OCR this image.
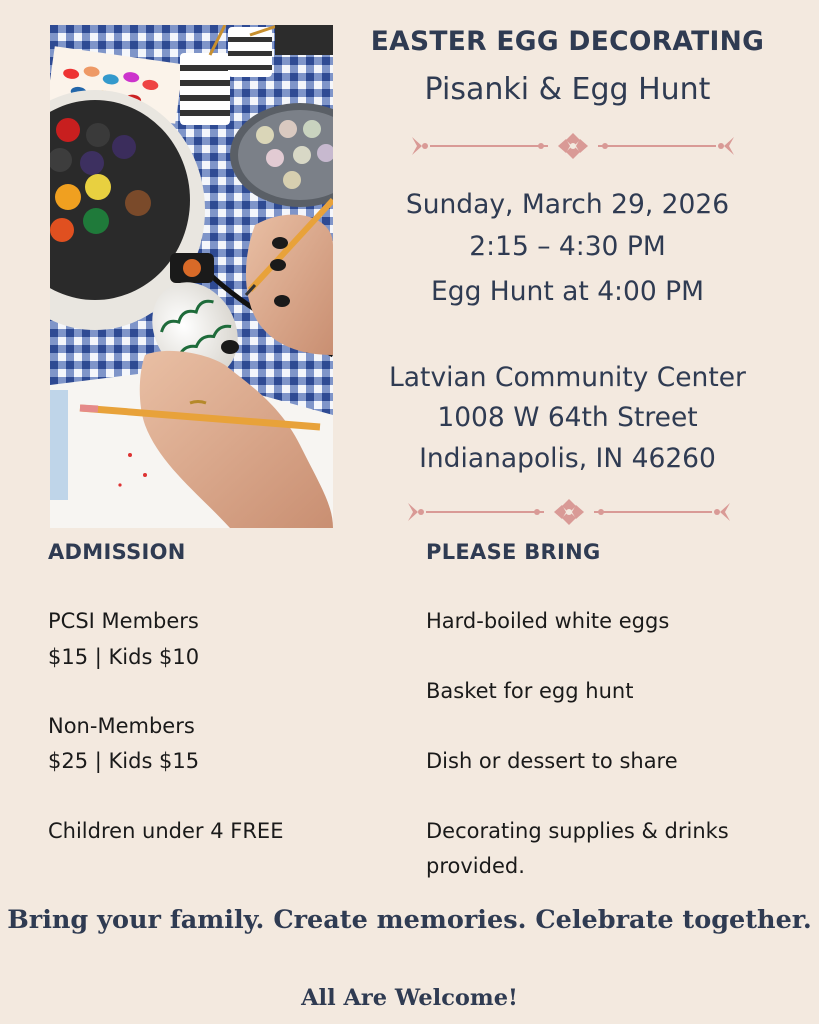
EASTER EGG DECORATING
Pisanki & Egg Hunt
Sunday, March 29, 2026
2:15 – 4:30 PM
Egg Hunt at 4:00 PM
Latvian Community Center
1008 W 64th Street
Indianapolis, IN 46260
ADMISSION
PCSI Members
$15 | Kids $10
Non-Members
$25 | Kids $15
Children under 4 FREE
PLEASE BRING
Hard-boiled white eggs
Basket for egg hunt
Dish or dessert to share
Decorating supplies & drinks
provided.
Bring your family. Create memories. Celebrate together.
All Are Welcome!
